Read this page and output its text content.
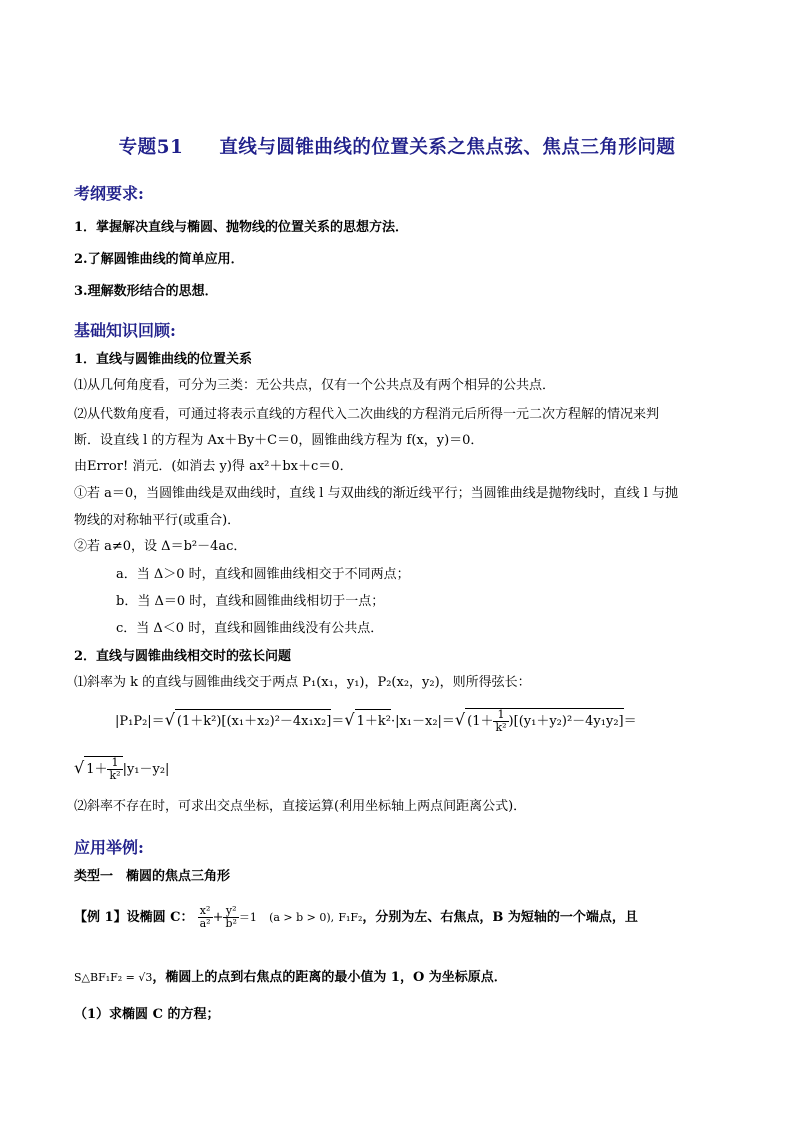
专题51 直线与圆锥曲线的位置关系之焦点弦、焦点三角形问题
考纲要求:
1．掌握解决直线与椭圆、抛物线的位置关系的思想方法．
2.了解圆锥曲线的简单应用．
3.理解数形结合的思想．
基础知识回顾:
1．直线与圆锥曲线的位置关系
⑴从几何角度看，可分为三类：无公共点，仅有一个公共点及有两个相异的公共点．
⑵从代数角度看，可通过将表示直线的方程代入二次曲线的方程消元后所得一元二次方程解的情况来判
断．设直线 l 的方程为 Ax＋By＋C＝0，圆锥曲线方程为 f(x，y)＝0．
由Error! 消元．(如消去 y)得 ax²＋bx＋c＝0．
①若 a＝0，当圆锥曲线是双曲线时，直线 l 与双曲线的渐近线平行；当圆锥曲线是抛物线时，直线 l 与抛
物线的对称轴平行(或重合)．
②若 a≠0，设 Δ＝b²－4ac．
a．当 Δ＞0 时，直线和圆锥曲线相交于不同两点；
b．当 Δ＝0 时，直线和圆锥曲线相切于一点；
c．当 Δ＜0 时，直线和圆锥曲线没有公共点．
2．直线与圆锥曲线相交时的弦长问题
⑴斜率为 k 的直线与圆锥曲线交于两点 P₁(x₁，y₁)，P₂(x₂，y₂)，则所得弦长：
|P₁P₂|＝√ (1＋k²)[(x₁＋x₂)²－4x₁x₂]＝√ 1＋k²·|x₁－x₂|＝√ $(1+ \frac{1}{\text{k²}} )[(y_1+y_2)^2-4y_1y_2]=$
√ $1+ \frac{1}{\text{k²}} |y_1-y_2|$
⑵斜率不存在时，可求出交点坐标，直接运算(利用坐标轴上两点间距离公式)．
应用举例:
类型一　椭圆的焦点三角形
【例 1】设椭圆 C： $\frac{\text{x²}}{\text{a²}} + \frac{\text{y²}}{\text{b²}} =1$ (a > b > 0), F₁F₂，分别为左、右焦点，B 为短轴的一个端点，且
S△BF₁F₂ = √3，椭圆上的点到右焦点的距离的最小值为 1，O 为坐标原点．
（1）求椭圆 C 的方程；
